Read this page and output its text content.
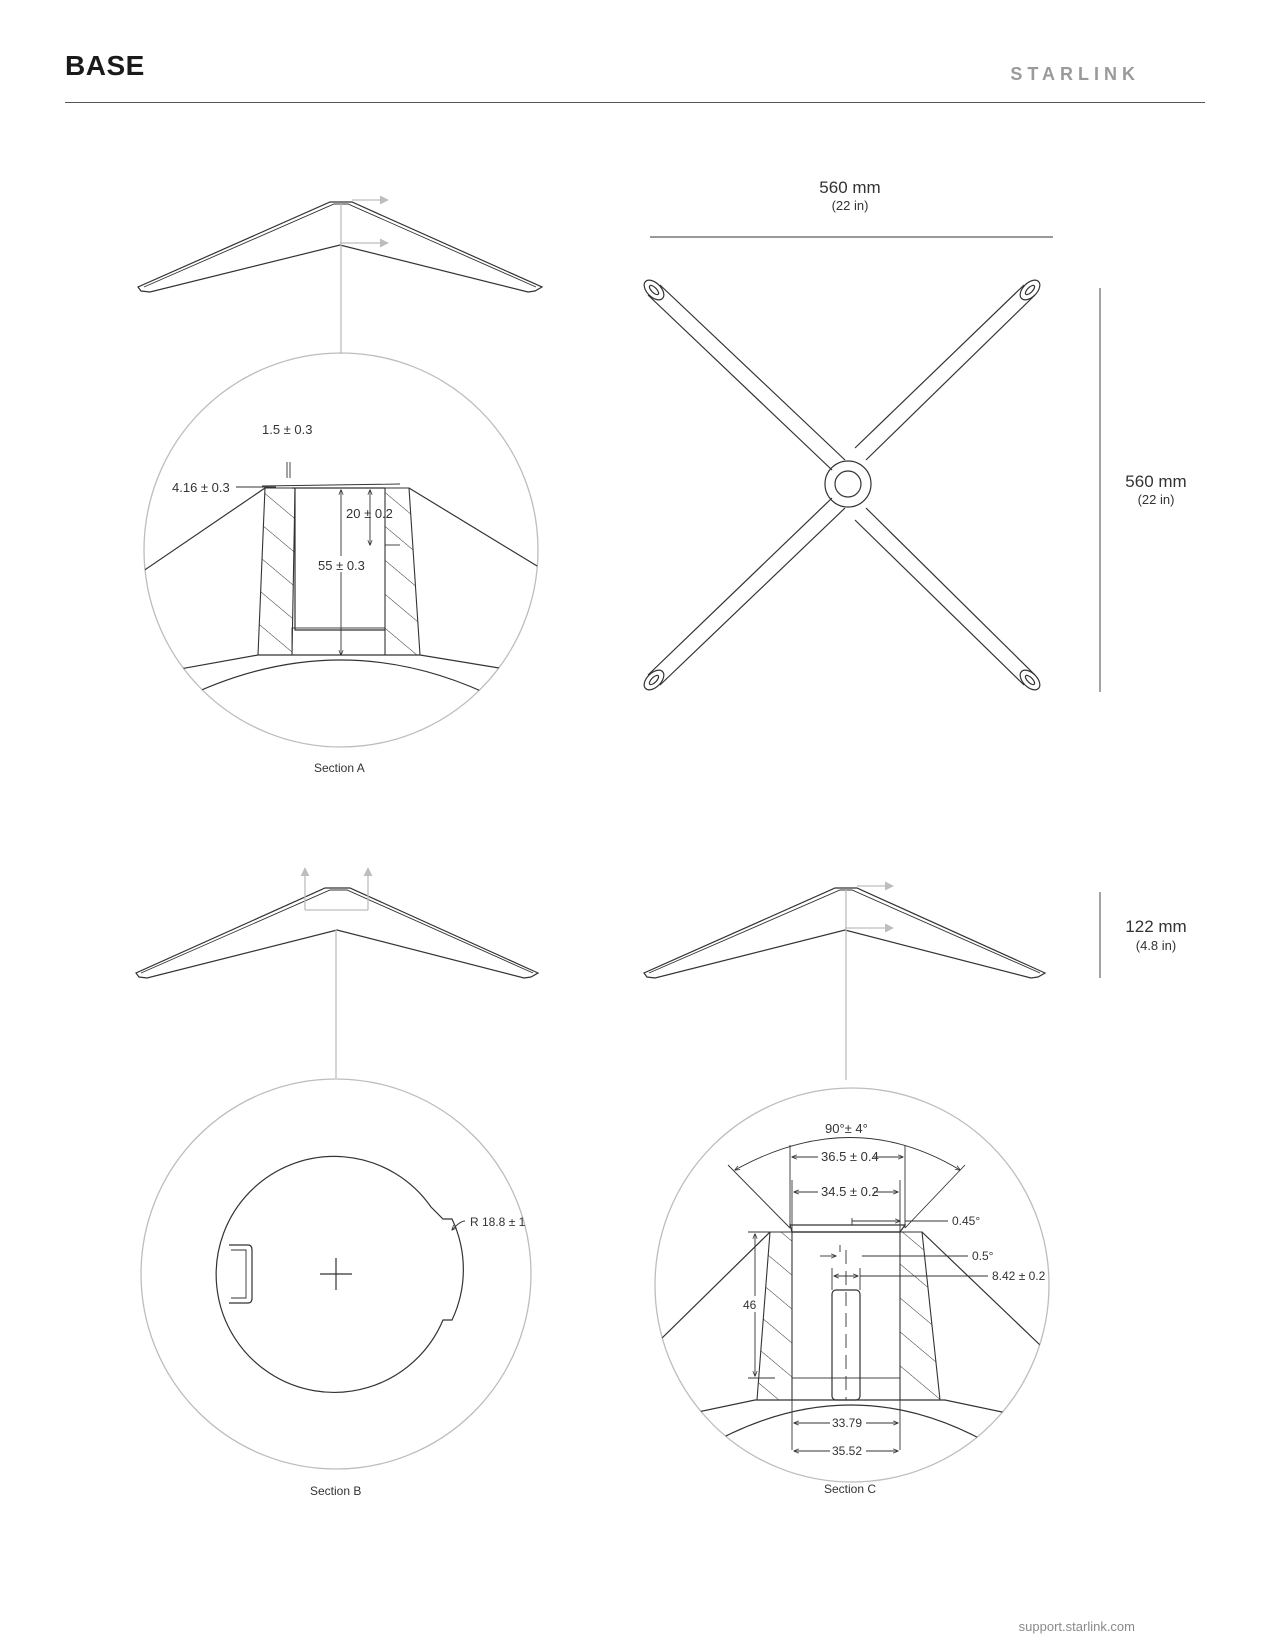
BASE	STARLINK
1.5 ± 0.3
4.16 ± 0.3
20 ± 0.2
55 ± 0.3
Section A
560 mm
(22 in)
560 mm
(22 in)
R 18.8 ± 1
Section B
122 mm
(4.8 in)
90°± 4°
36.5 ± 0.4
34.5 ± 0.2
0.45°
0.5°
8.42 ± 0.2
46
33.79
35.52
Section C
support.starlink.com
